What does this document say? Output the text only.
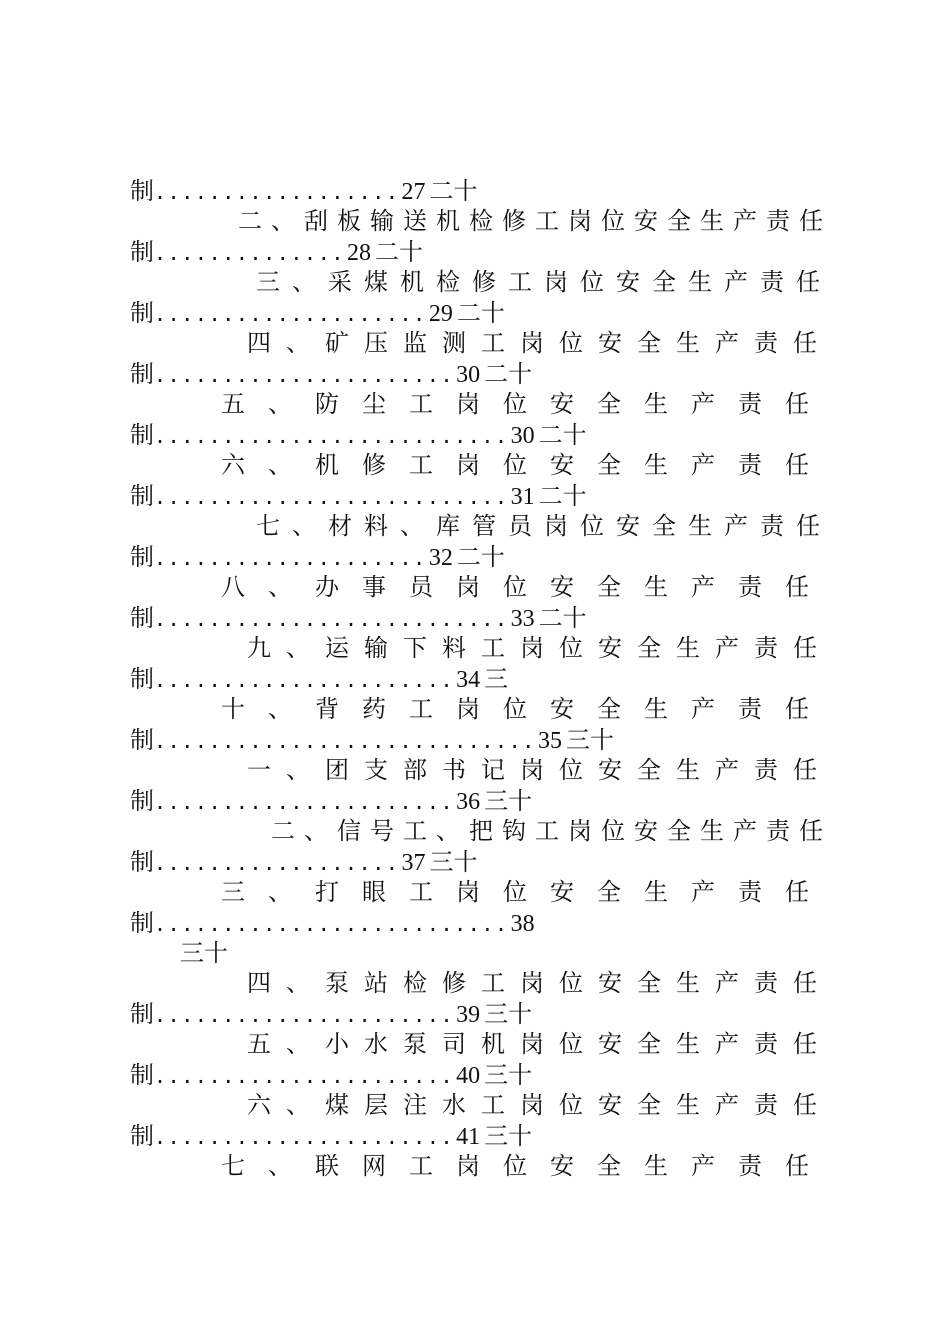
制..................27 二十
二、刮板输送机检修工岗位安全生产责任
制..............28 二十
三、采煤机检修工岗位安全生产责任
制....................29 二十
四、矿压监测工岗位安全生产责任
制......................30 二十
五、防尘工岗位安全生产责任
制..........................30 二十
六、机修工岗位安全生产责任
制..........................31 二十
七、材料、库管员岗位安全生产责任
制....................32 二十
八、办事员岗位安全生产责任
制..........................33 二十
九、运输下料工岗位安全生产责任
制......................34 三
十、背药工岗位安全生产责任
制............................35 三十
一、团支部书记岗位安全生产责任
制......................36 三十
二、信号工、把钩工岗位安全生产责任
制..................37 三十
三、打眼工岗位安全生产责任
制..........................38
三十
四、泵站检修工岗位安全生产责任
制......................39 三十
五、小水泵司机岗位安全生产责任
制......................40 三十
六、煤层注水工岗位安全生产责任
制......................41 三十
七、联网工岗位安全生产责任
